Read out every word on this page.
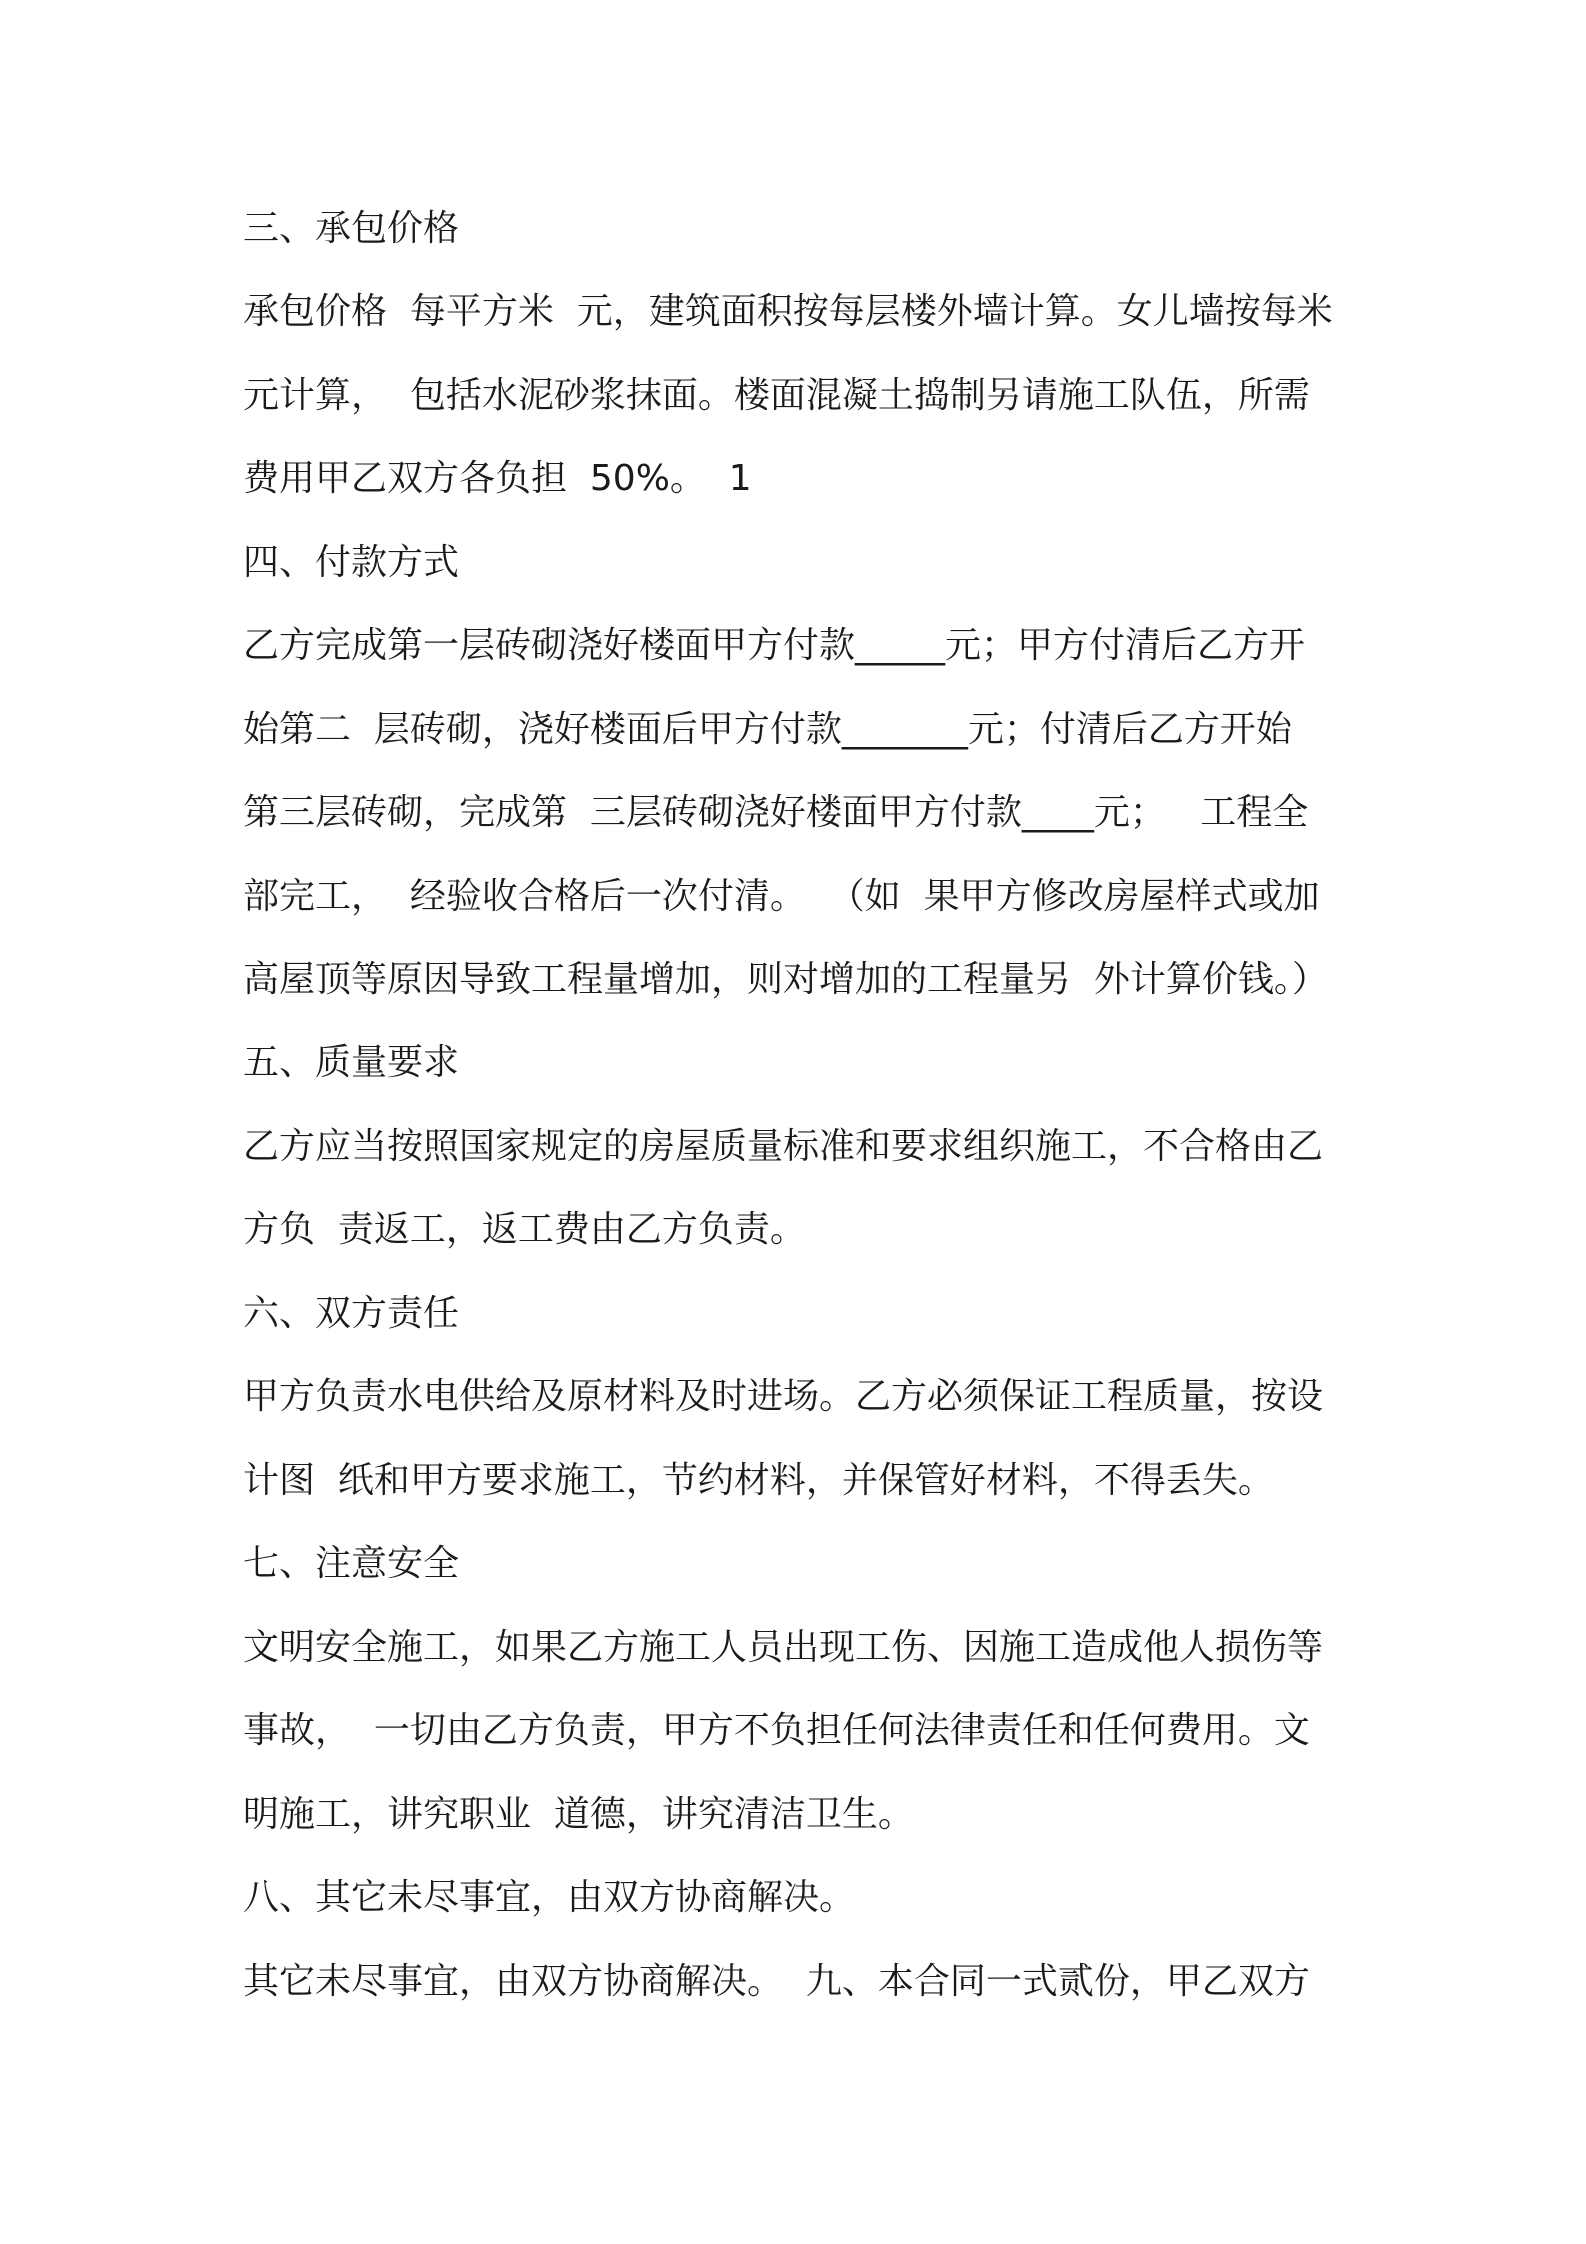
三、承包价格
承包价格  每平方米  元，建筑面积按每层楼外墙计算。女儿墙按每米
元计算，  包括水泥砂浆抹面。楼面混凝土捣制另请施工队伍，所需
费用甲乙双方各负担  50%。  1
四、付款方式
乙方完成第一层砖砌浇好楼面甲方付款_____元；甲方付清后乙方开
始第二  层砖砌，浇好楼面后甲方付款_______元；付清后乙方开始
第三层砖砌，完成第  三层砖砌浇好楼面甲方付款____元；   工程全
部完工，  经验收合格后一次付清。  （如  果甲方修改房屋样式或加
高屋顶等原因导致工程量增加，则对增加的工程量另  外计算价钱。）
五、质量要求
乙方应当按照国家规定的房屋质量标准和要求组织施工，不合格由乙
方负  责返工，返工费由乙方负责。
六、双方责任
甲方负责水电供给及原材料及时进场。乙方必须保证工程质量，按设
计图  纸和甲方要求施工，节约材料，并保管好材料，不得丢失。
七、注意安全
文明安全施工，如果乙方施工人员出现工伤、因施工造成他人损伤等
事故，  一切由乙方负责，甲方不负担任何法律责任和任何费用。文
明施工，讲究职业  道德，讲究清洁卫生。
八、其它未尽事宜，由双方协商解决。
其它未尽事宜，由双方协商解决。  九、本合同一式贰份，甲乙双方
